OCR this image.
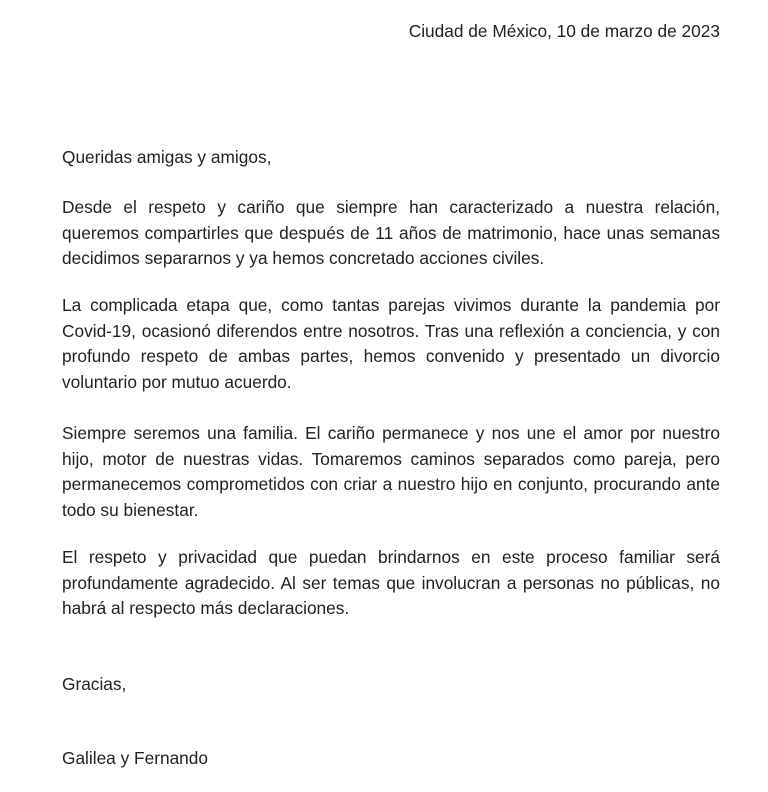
Ciudad de México, 10 de marzo de 2023
Queridas amigas y amigos,

Desde el respeto y cariño que siempre han caracterizado a nuestra relación, queremos compartirles que después de 11 años de matrimonio, hace unas semanas decidimos separarnos y ya hemos concretado acciones civiles.

La complicada etapa que, como tantas parejas vivimos durante la pandemia por Covid-19, ocasionó diferendos entre nosotros. Tras una reflexión a conciencia, y con profundo respeto de ambas partes, hemos convenido y presentado un divorcio voluntario por mutuo acuerdo.

Siempre seremos una familia. El cariño permanece y nos une el amor por nuestro hijo, motor de nuestras vidas. Tomaremos caminos separados como pareja, pero permanecemos comprometidos con criar a nuestro hijo en conjunto, procurando ante todo su bienestar.

El respeto y privacidad que puedan brindarnos en este proceso familiar será profundamente agradecido. Al ser temas que involucran a personas no públicas, no habrá al respecto más declaraciones.

Gracias,
Galilea y Fernando
